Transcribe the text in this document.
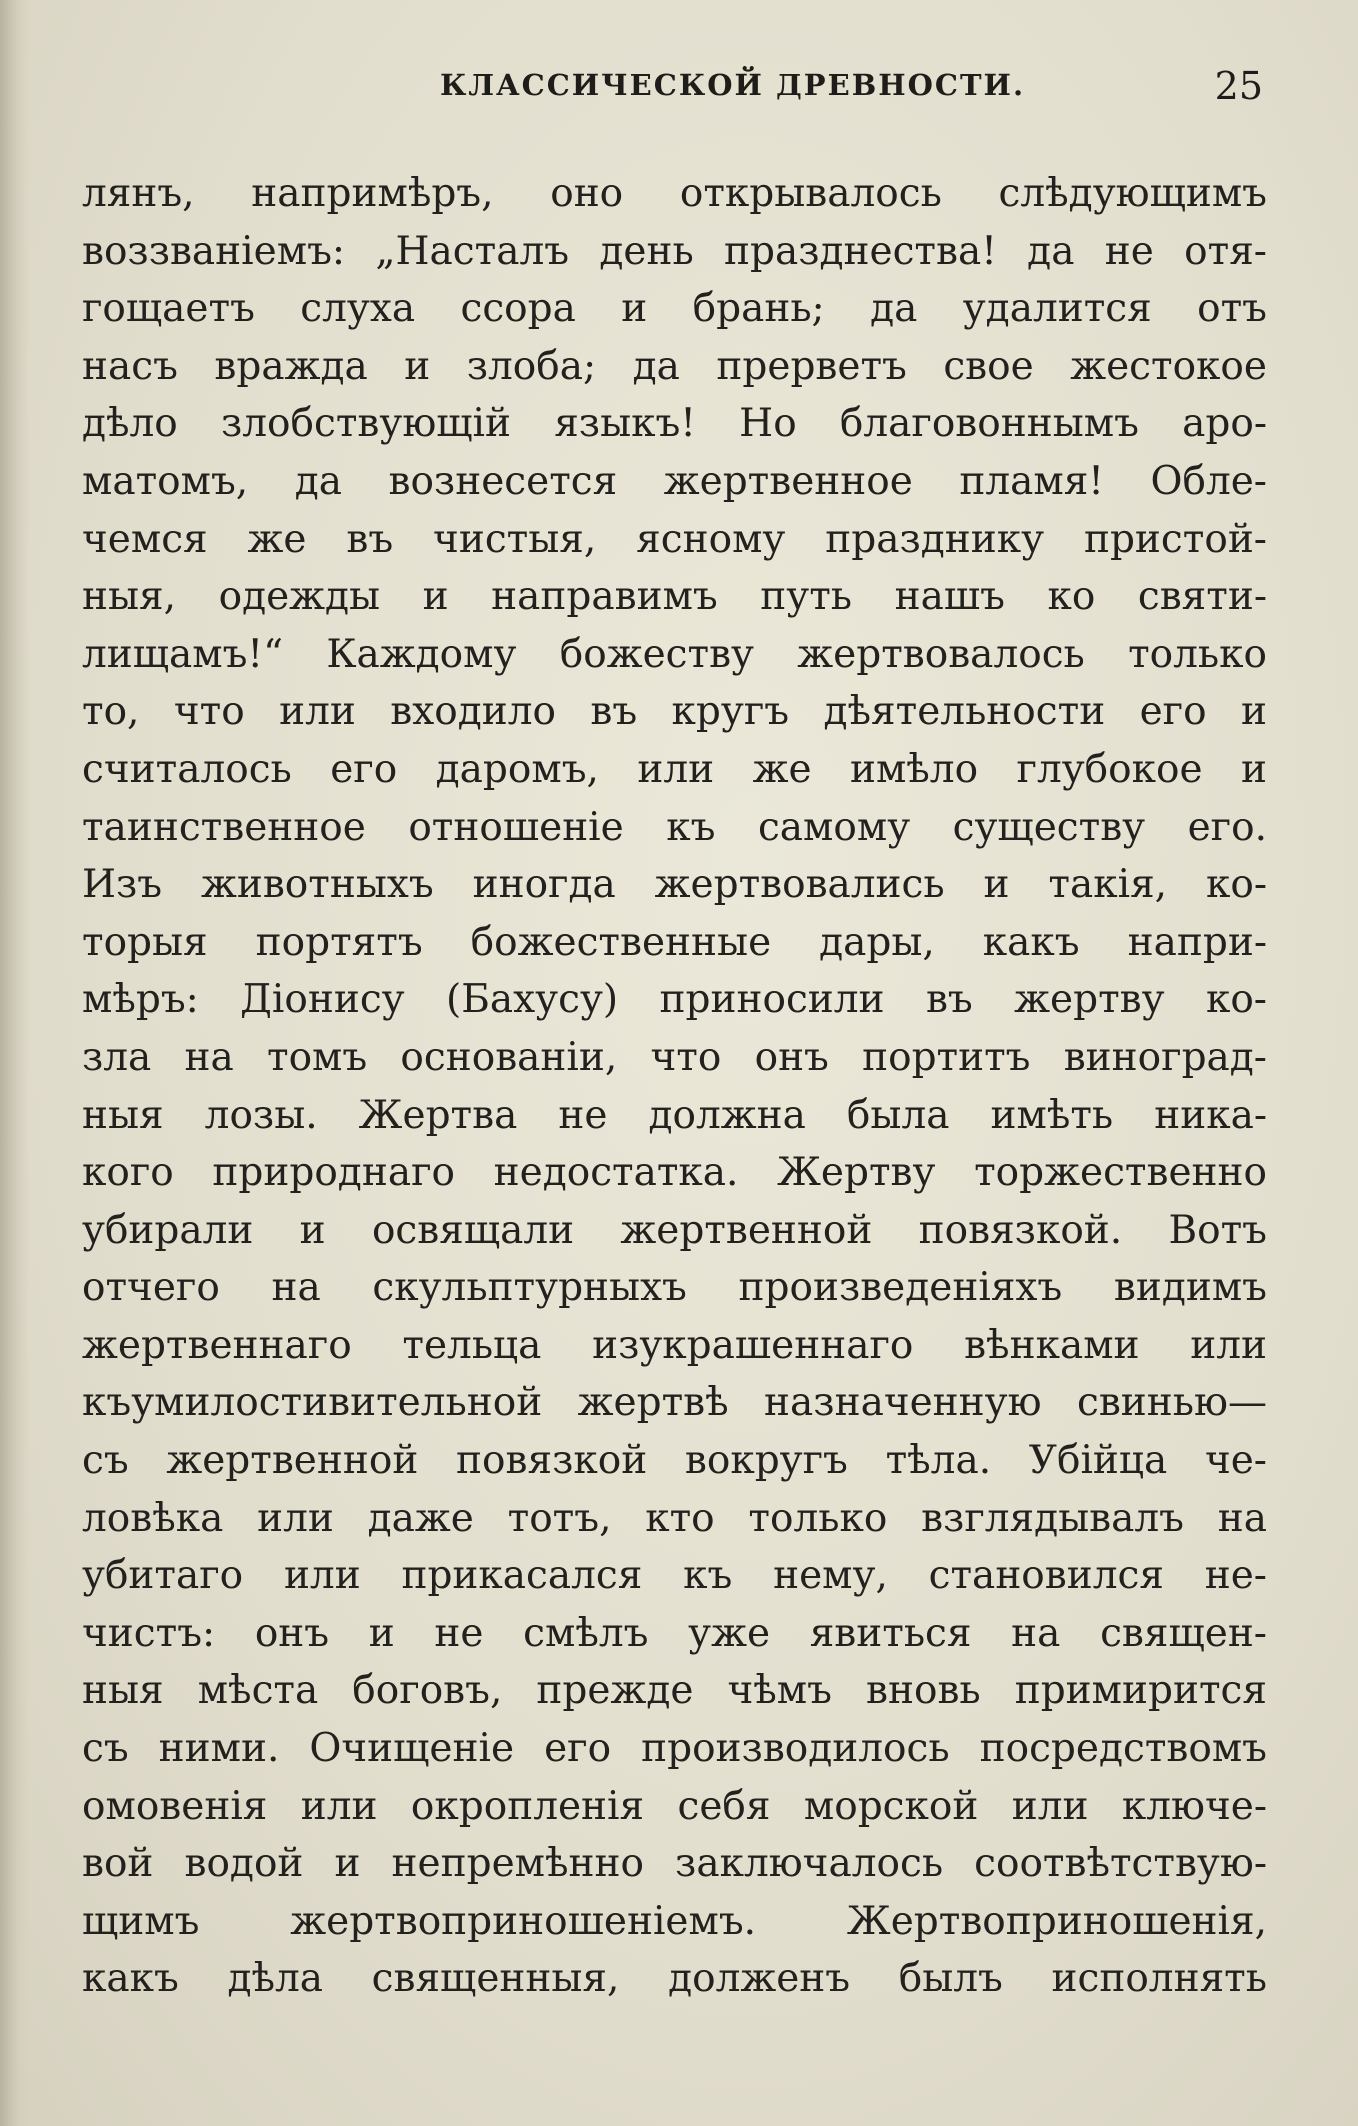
КЛАССИЧЕСКОЙ ДРЕВНОСТИ.	25
лянъ, напримѣръ, оно открывалось слѣдующимъ
воззваніемъ: „Насталъ день празднества! да не отя-
гощаетъ слуха ссора и брань; да удалится отъ
насъ вражда и злоба; да прерветъ свое жестокое
дѣло злобствующій языкъ! Но благовоннымъ аро-
матомъ, да вознесется жертвенное пламя! Обле-
чемся же въ чистыя, ясному празднику пристой-
ныя, одежды и направимъ путь нашъ ко святи-
лищамъ!“ Каждому божеству жертвовалось только
то, что или входило въ кругъ дѣятельности его и
считалось его даромъ, или же имѣло глубокое и
таинственное отношеніе къ самому существу его.
Изъ животныхъ иногда жертвовались и такія, ко-
торыя портятъ божественные дары, какъ напри-
мѣръ: Діонису (Бахусу) приносили въ жертву ко-
зла на томъ основаніи, что онъ портитъ виноград-
ныя лозы. Жертва не должна была имѣть ника-
кого природнаго недостатка. Жертву торжественно
убирали и освящали жертвенной повязкой. Вотъ
отчего на скульптурныхъ произведеніяхъ видимъ
жертвеннаго тельца изукрашеннаго вѣнками или
къумилостивительной жертвѣ назначенную свинью—
съ жертвенной повязкой вокругъ тѣла. Убійца че-
ловѣка или даже тотъ, кто только взглядывалъ на
убитаго или прикасался къ нему, становился не-
чистъ: онъ и не смѣлъ уже явиться на священ-
ныя мѣста боговъ, прежде чѣмъ вновь примирится
съ ними. Очищеніе его производилось посредствомъ
омовенія или окропленія себя морской или ключе-
вой водой и непремѣнно заключалось соотвѣтствую-
щимъ жертвоприношеніемъ. Жертвоприношенія,
какъ дѣла священныя, долженъ былъ исполнять
